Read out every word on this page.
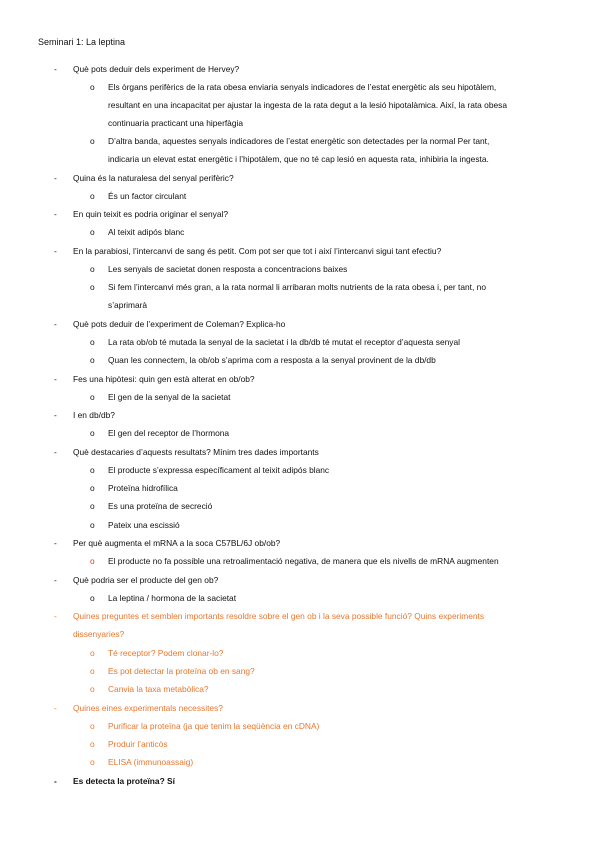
Seminari 1: La leptina
- Què pots deduir dels experiment de Hervey?
o Els òrgans perifèrics de la rata obesa enviaria senyals indicadores de l’estat energètic als seu hipotàlem,
resultant en una incapacitat per ajustar la ingesta de la rata degut a la lesió hipotalàmica. Així, la rata obesa
continuaria practicant una hiperfàgia
o D’altra banda, aquestes senyals indicadores de l’estat energètic son detectades per la normal Per tant,
indicaria un elevat estat energètic i l’hipotàlem, que no té cap lesió en aquesta rata, inhibiria la ingesta.
- Quina és la naturalesa del senyal perifèric?
o És un factor circulant
- En quin teixit es podria originar el senyal?
o Al teixit adipós blanc
- En la parabiosi, l’intercanvi de sang és petit. Com pot ser que tot i així l’intercanvi sigui tant efectiu?
o Les senyals de sacietat donen resposta a concentracions baixes
o Si fem l’intercanvi més gran, a la rata normal li arribaran molts nutrients de la rata obesa i, per tant, no
s’aprimarà
- Què pots deduir de l’experiment de Coleman? Explica-ho
o La rata ob/ob té mutada la senyal de la sacietat i la db/db té mutat el receptor d’aquesta senyal
o Quan les connectem, la ob/ob s’aprima com a resposta a la senyal provinent de la db/db
- Fes una hipòtesi: quin gen està alterat en ob/ob?
o El gen de la senyal de la sacietat
- I en db/db?
o El gen del receptor de l’hormona
- Què destacaries d’aquests resultats? Mínim tres dades importants
o El producte s’expressa específicament al teixit adipós blanc
o Proteïna hidrofílica
o Es una proteïna de secreció
o Pateix una escissió
- Per què augmenta el mRNA a la soca C57BL/6J ob/ob?
o El producte no fa possible una retroalimentació negativa, de manera que els nivells de mRNA augmenten
- Què podria ser el producte del gen ob?
o La leptina / hormona de la sacietat
- Quines preguntes et semblen importants resoldre sobre el gen ob i la seva possible funció? Quins experiments
dissenyaries?
o Té receptor? Podem clonar-lo?
o Es pot detectar la proteïna ob en sang?
o Canvia la taxa metabòlica?
- Quines eines experimentals necessites?
o Purificar la proteïna (ja que tenim la seqüència en cDNA)
o Produir l’anticòs
o ELISA (immunoassaig)
- Es detecta la proteïna? Sí
